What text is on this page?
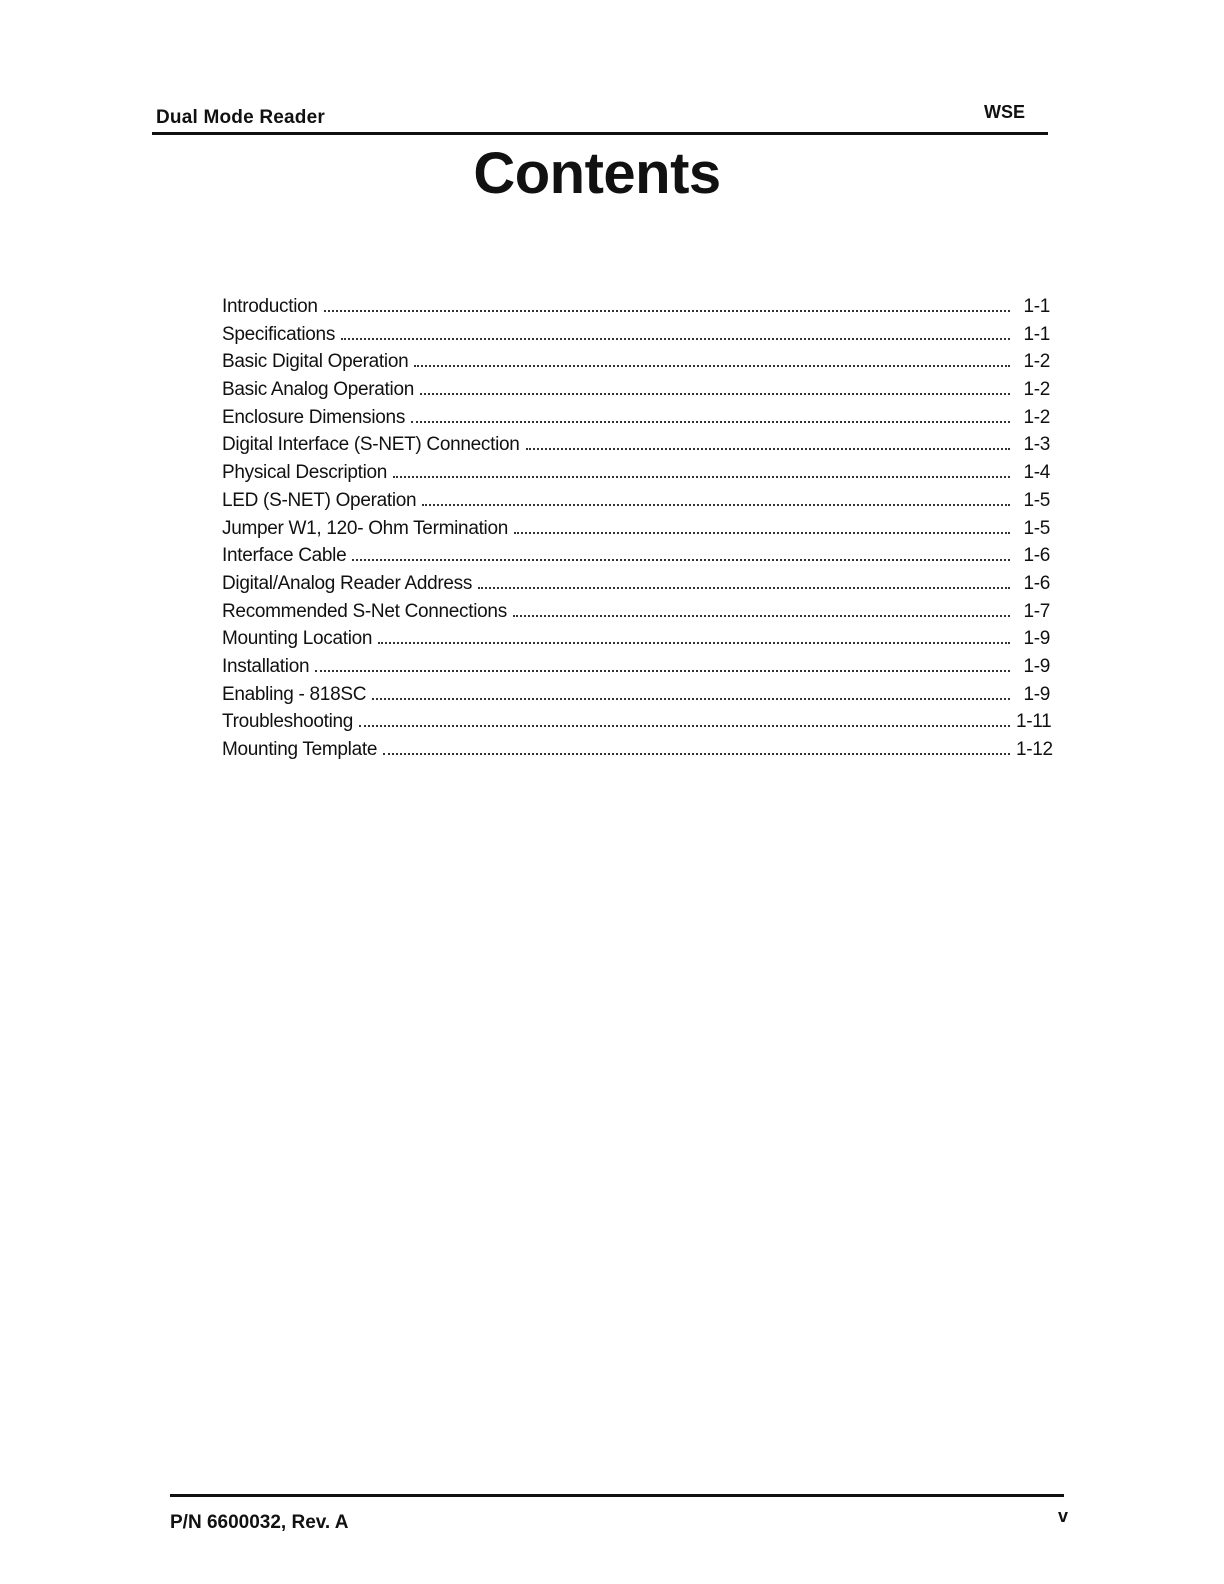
Dual Mode Reader	WSE
Contents
Introduction	1-1
Specifications	1-1
Basic Digital Operation	1-2
Basic Analog Operation	1-2
Enclosure Dimensions	1-2
Digital Interface (S-NET) Connection	1-3
Physical Description	1-4
LED (S-NET) Operation	1-5
Jumper W1, 120- Ohm Termination	1-5
Interface Cable	1-6
Digital/Analog Reader Address	1-6
Recommended S-Net Connections	1-7
Mounting Location	1-9
Installation	1-9
Enabling - 818SC	1-9
Troubleshooting	1-11
Mounting Template	1-12
P/N 6600032, Rev. A	v
